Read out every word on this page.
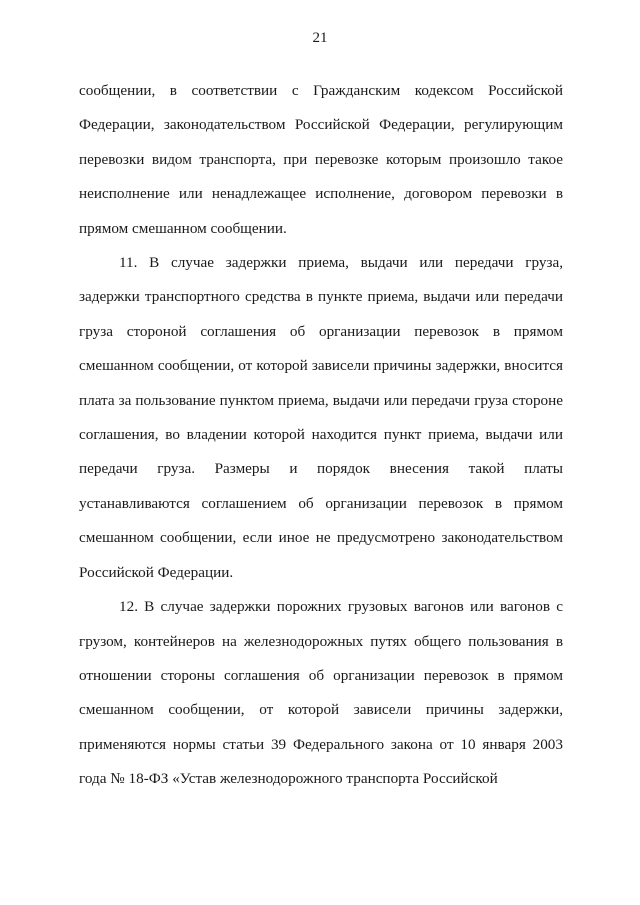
21

сообщении, в соответствии с Гражданским кодексом Российской Федерации, законодательством Российской Федерации, регулирующим перевозки видом транспорта, при перевозке которым произошло такое неисполнение или ненадлежащее исполнение, договором перевозки в прямом смешанном сообщении.

11. В случае задержки приема, выдачи или передачи груза, задержки транспортного средства в пункте приема, выдачи или передачи груза стороной соглашения об организации перевозок в прямом смешанном сообщении, от которой зависели причины задержки, вносится плата за пользование пунктом приема, выдачи или передачи груза стороне соглашения, во владении которой находится пункт приема, выдачи или передачи груза. Размеры и порядок внесения такой платы устанавливаются соглашением об организации перевозок в прямом смешанном сообщении, если иное не предусмотрено законодательством Российской Федерации.

12. В случае задержки порожних грузовых вагонов или вагонов с грузом, контейнеров на железнодорожных путях общего пользования в отношении стороны соглашения об организации перевозок в прямом смешанном сообщении, от которой зависели причины задержки, применяются нормы статьи 39 Федерального закона от 10 января 2003 года № 18-ФЗ «Устав железнодорожного транспорта Российской
